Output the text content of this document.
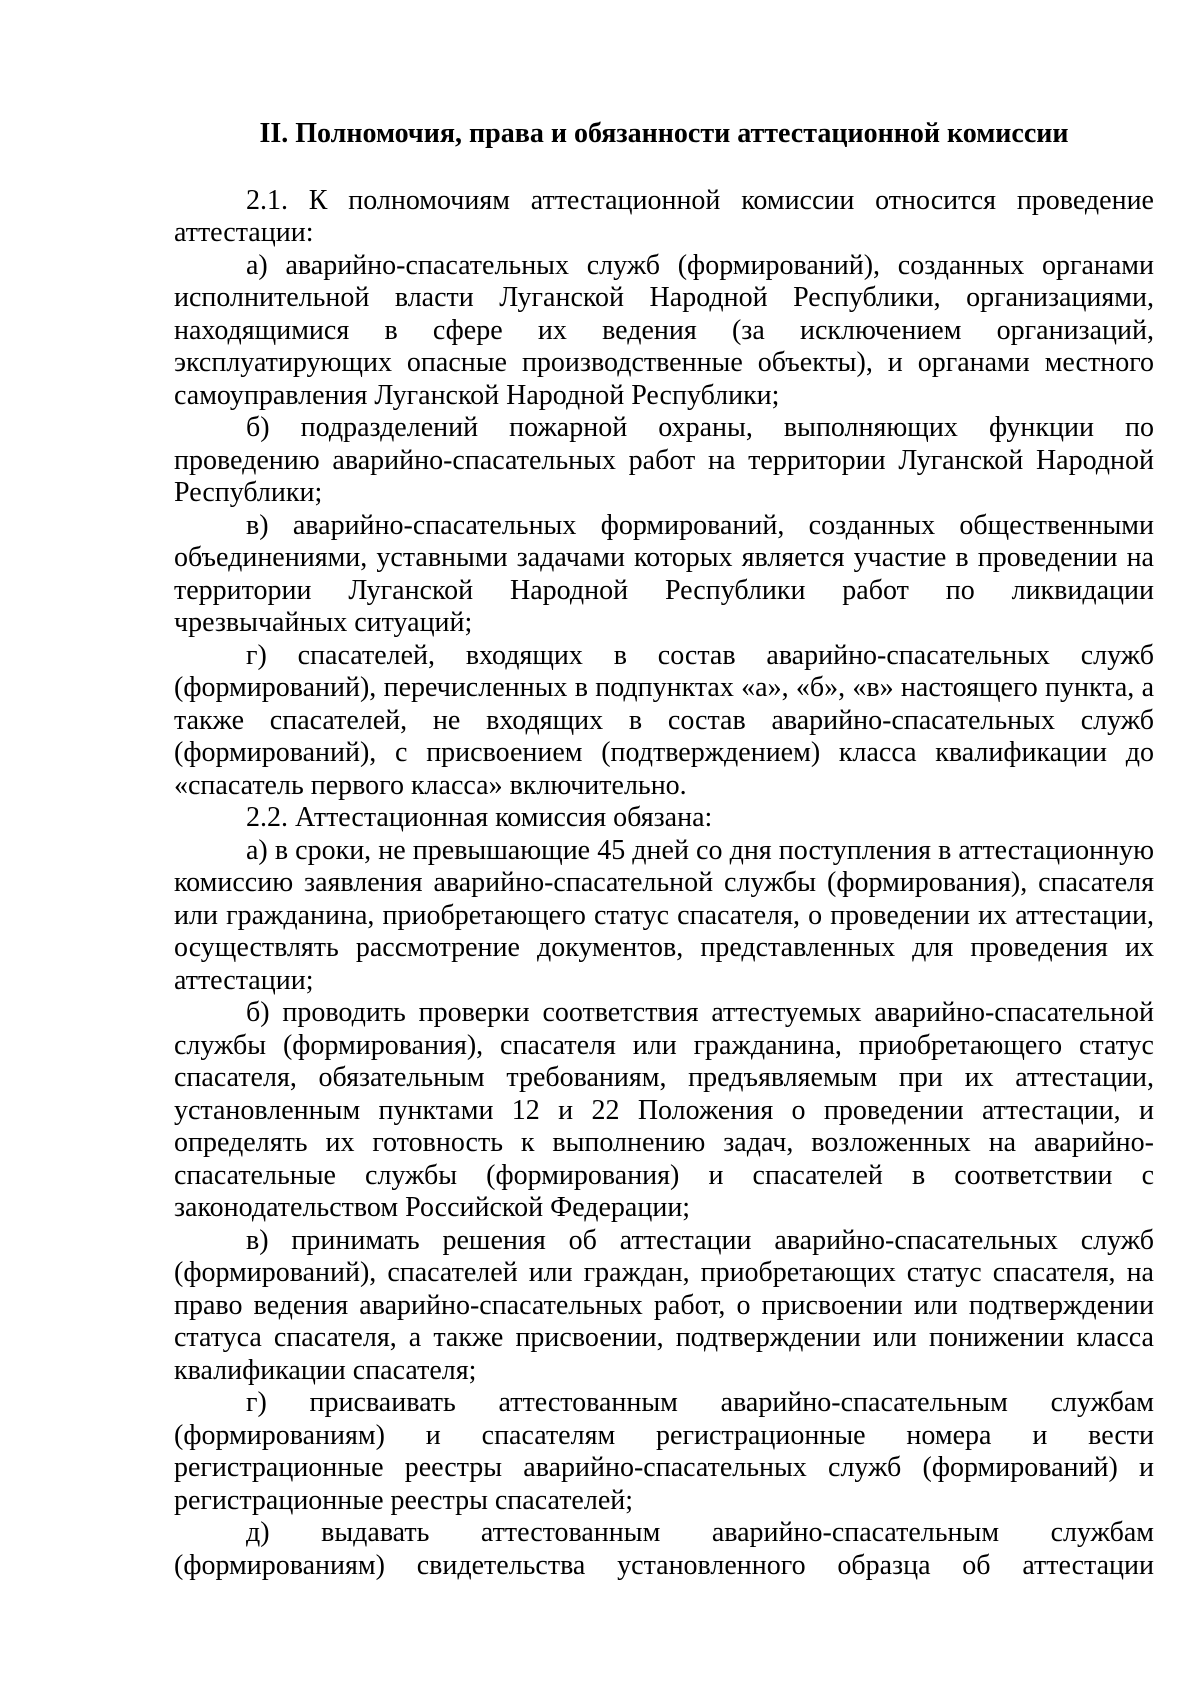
II. Полномочия, права и обязанности аттестационной комиссии

2.1. К полномочиям аттестационной комиссии относится проведение аттестации:

а) аварийно-спасательных служб (формирований), созданных органами исполнительной власти Луганской Народной Республики, организациями, находящимися в сфере их ведения (за исключением организаций, эксплуатирующих опасные производственные объекты), и органами местного самоуправления Луганской Народной Республики;

б) подразделений пожарной охраны, выполняющих функции по проведению аварийно-спасательных работ на территории Луганской Народной Республики;

в) аварийно-спасательных формирований, созданных общественными объединениями, уставными задачами которых является участие в проведении на территории Луганской Народной Республики работ по ликвидации чрезвычайных ситуаций;

г) спасателей, входящих в состав аварийно-спасательных служб (формирований), перечисленных в подпунктах «а», «б», «в» настоящего пункта, а также спасателей, не входящих в состав аварийно-спасательных служб (формирований), с присвоением (подтверждением) класса квалификации до «спасатель первого класса» включительно.

2.2. Аттестационная комиссия обязана:

а) в сроки, не превышающие 45 дней со дня поступления в аттестационную комиссию заявления аварийно-спасательной службы (формирования), спасателя или гражданина, приобретающего статус спасателя, о проведении их аттестации, осуществлять рассмотрение документов, представленных для проведения их аттестации;

б) проводить проверки соответствия аттестуемых аварийно-спасательной службы (формирования), спасателя или гражданина, приобретающего статус спасателя, обязательным требованиям, предъявляемым при их аттестации, установленным пунктами 12 и 22 Положения о проведении аттестации, и определять их готовность к выполнению задач, возложенных на аварийно-спасательные службы (формирования) и спасателей в соответствии с законодательством Российской Федерации;

в) принимать решения об аттестации аварийно-спасательных служб (формирований), спасателей или граждан, приобретающих статус спасателя, на право ведения аварийно-спасательных работ, о присвоении или подтверждении статуса спасателя, а также присвоении, подтверждении или понижении класса квалификации спасателя;

г) присваивать аттестованным аварийно-спасательным службам (формированиям) и спасателям регистрационные номера и вести регистрационные реестры аварийно-спасательных служб (формирований) и регистрационные реестры спасателей;

д) выдавать аттестованным аварийно-спасательным службам (формированиям) свидетельства установленного образца об аттестации
